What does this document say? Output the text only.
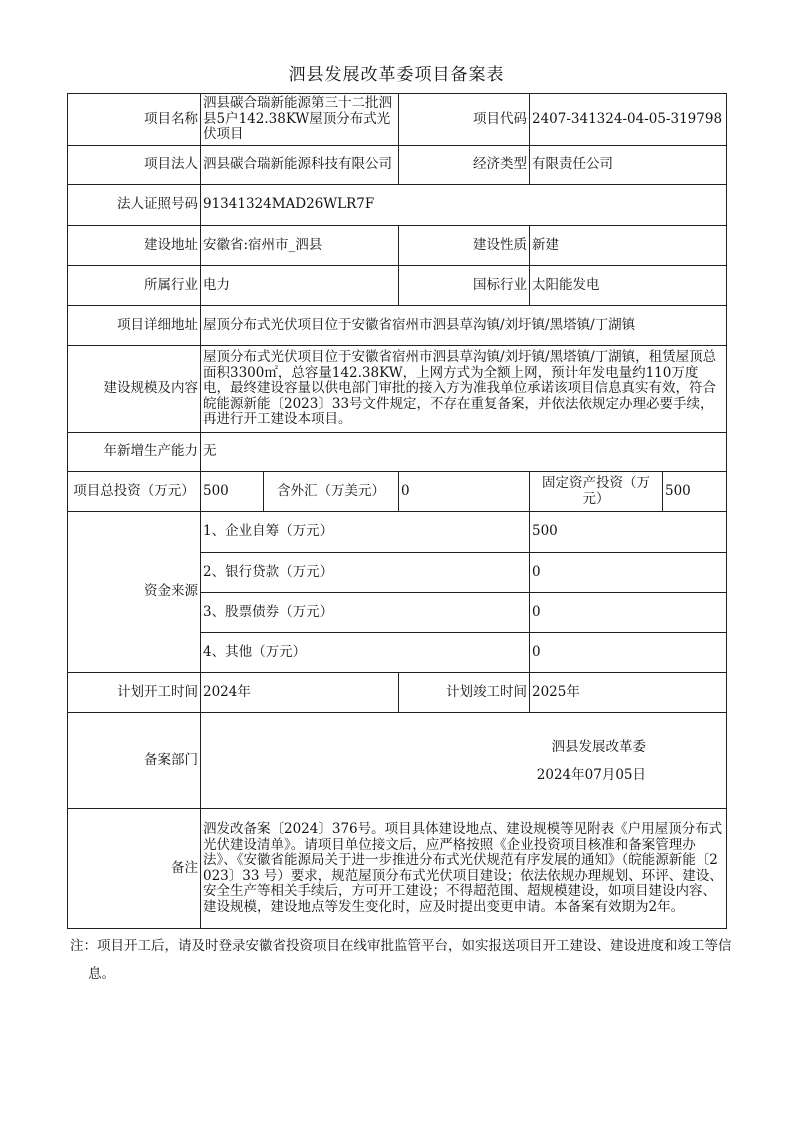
泗县发展改革委项目备案表
项目名称	泗县碳合瑞新能源第三十二批泗县5户142.38KW屋顶分布式光伏项目		项目代码	2407-341324-04-05-319798	
项目法人	泗县碳合瑞新能源科技有限公司		经济类型	有限责任公司	
法人证照号码	91341324MAD26WLR7F				
建设地址	安徽省:宿州市_泗县		建设性质	新建	
所属行业	电力		国标行业	太阳能发电	
项目详细地址	屋顶分布式光伏项目位于安徽省宿州市泗县草沟镇/刘圩镇/黑塔镇/丁湖镇				
建设规模及内容	屋顶分布式光伏项目位于安徽省宿州市泗县草沟镇/刘圩镇/黑塔镇/丁湖镇，租赁屋顶总面积3300㎡，总容量142.38KW，上网方式为全额上网，预计年发电量约110万度电，最终建设容量以供电部门审批的接入方为准我单位承诺该项目信息真实有效，符合皖能源新能〔2023〕33号文件规定，不存在重复备案，并依法依规定办理必要手续，再进行开工建设本项目。				
年新增生产能力	无				
项目总投资（万元）	500	含外汇（万美元）	0	固定资产投资（万元）	500
资金来源	1、企业自筹（万元）			500	
	2、银行贷款（万元）			0	
	3、股票债券（万元）			0	
	4、其他（万元）			0	
计划开工时间	2024年		计划竣工时间	2025年	
备案部门	泗县发展改革委
2024年07月05日				

备注	泗发改备案〔2024〕376号。项目具体建设地点、建设规模等见附表《户用屋顶分布式光伏建设清单》。请项目单位接文后，应严格按照《企业投资项目核准和备案管理办法》、《安徽省能源局关于进一步推进分布式光伏规范有序发展的通知》（皖能源新能〔2023〕33 号）要求，规范屋顶分布式光伏项目建设；依法依规办理规划、环评、建设、安全生产等相关手续后，方可开工建设；不得超范围、超规模建设，如项目建设内容、建设规模，建设地点等发生变化时，应及时提出变更申请。本备案有效期为2年。				
注：项目开工后，请及时登录安徽省投资项目在线审批监管平台，如实报送项目开工建设、建设进度和竣工等信息。
